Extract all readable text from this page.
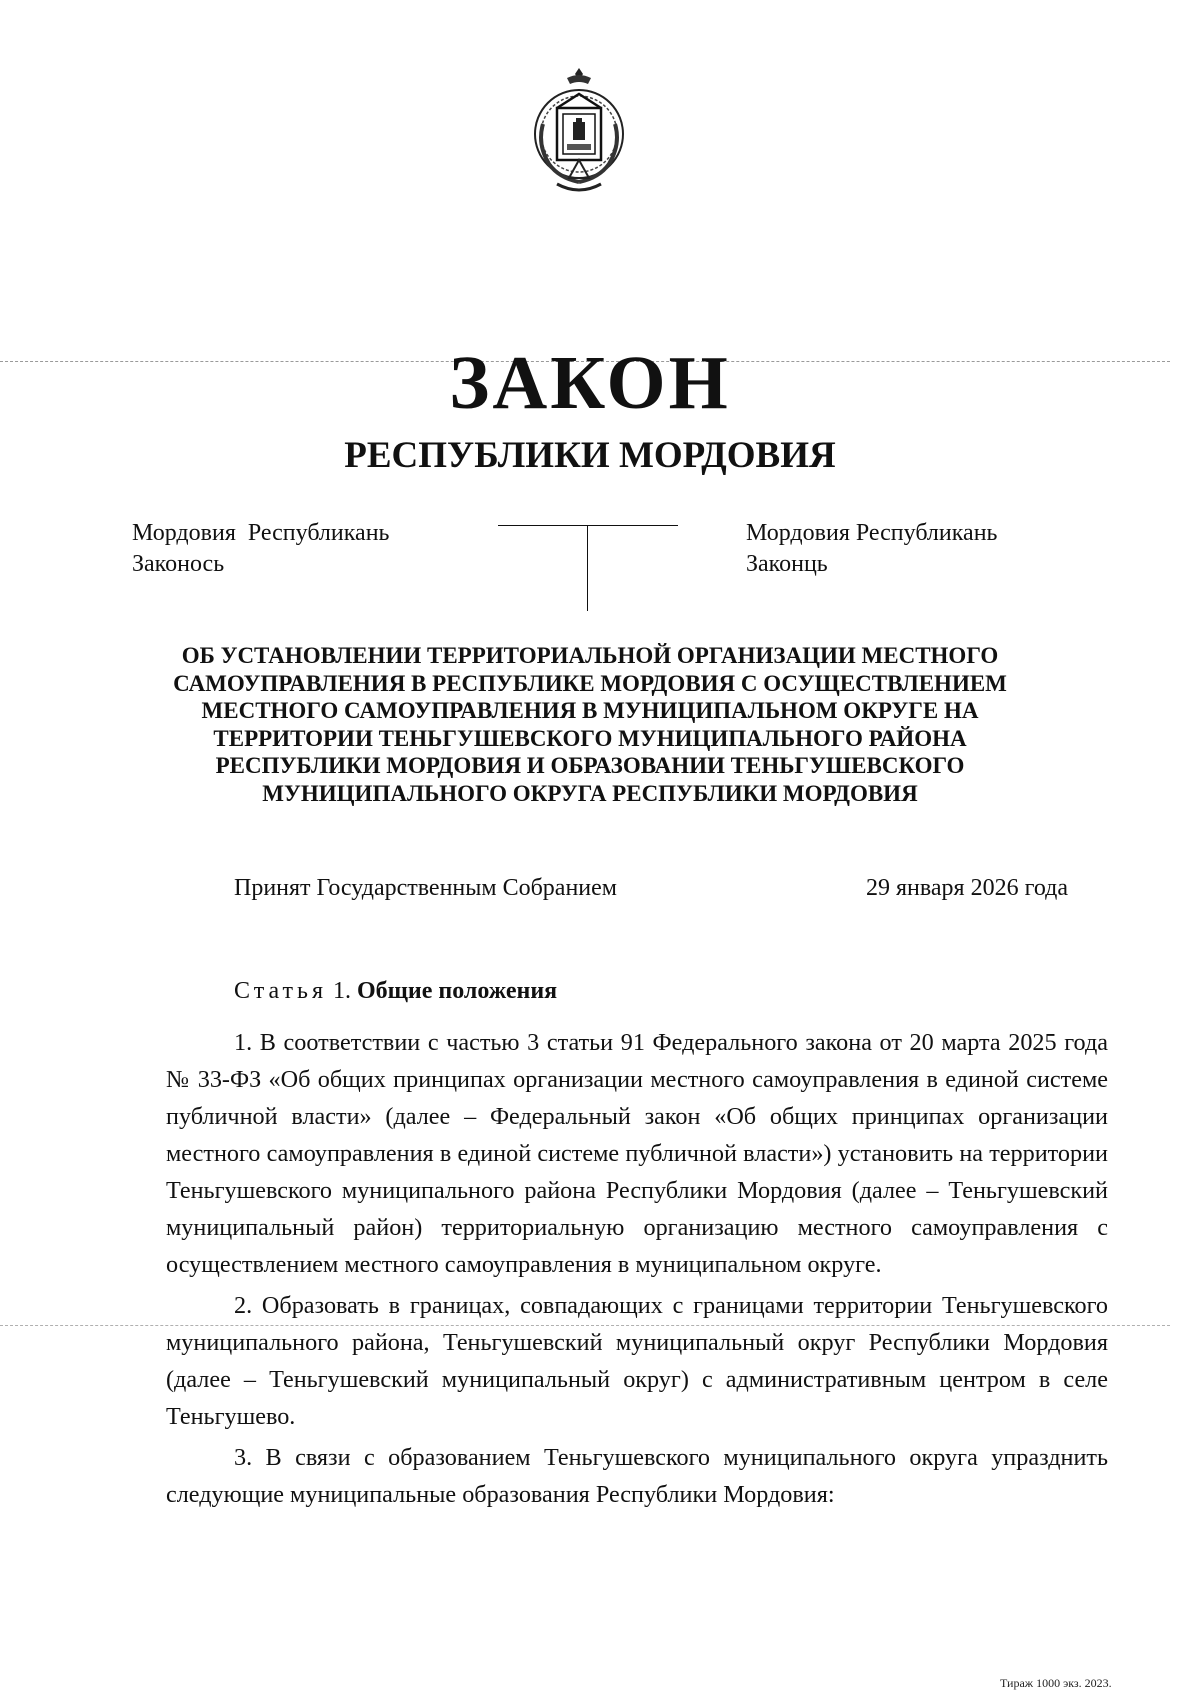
ЗАКОН
РЕСПУБЛИКИ МОРДОВИЯ
Мордовия  Республикань
Законось
Мордовия Республикань
Законць
ОБ УСТАНОВЛЕНИИ ТЕРРИТОРИАЛЬНОЙ ОРГАНИЗАЦИИ МЕСТНОГО
САМОУПРАВЛЕНИЯ В РЕСПУБЛИКЕ МОРДОВИЯ С ОСУЩЕСТВЛЕНИЕМ
МЕСТНОГО САМОУПРАВЛЕНИЯ В МУНИЦИПАЛЬНОМ ОКРУГЕ НА
ТЕРРИТОРИИ ТЕНЬГУШЕВСКОГО МУНИЦИПАЛЬНОГО РАЙОНА
РЕСПУБЛИКИ МОРДОВИЯ И ОБРАЗОВАНИИ ТЕНЬГУШЕВСКОГО
МУНИЦИПАЛЬНОГО ОКРУГА РЕСПУБЛИКИ МОРДОВИЯ
Принят Государственным Собранием	29 января 2026 года
Статья 1. Общие положения

1. В соответствии с частью 3 статьи 91 Федерального закона от 20 марта 2025 года № 33-ФЗ «Об общих принципах организации местного самоуправления в единой системе публичной власти» (далее – Федеральный закон «Об общих принципах организации местного самоуправления в единой системе публичной власти») установить на территории Теньгушевского муниципального района Республики Мордовия (далее – Теньгушевский муниципальный район) территориальную организацию местного самоуправления с осуществлением местного самоуправления в муниципальном округе.

2. Образовать в границах, совпадающих с границами территории Теньгушевского муниципального района, Теньгушевский муниципальный округ Республики Мордовия (далее – Теньгушевский муниципальный округ) с административным центром в селе Теньгушево.

3. В связи с образованием Теньгушевского муниципального округа упразднить следующие муниципальные образования Республики Мордовия:

Тираж 1000 экз. 2023.
